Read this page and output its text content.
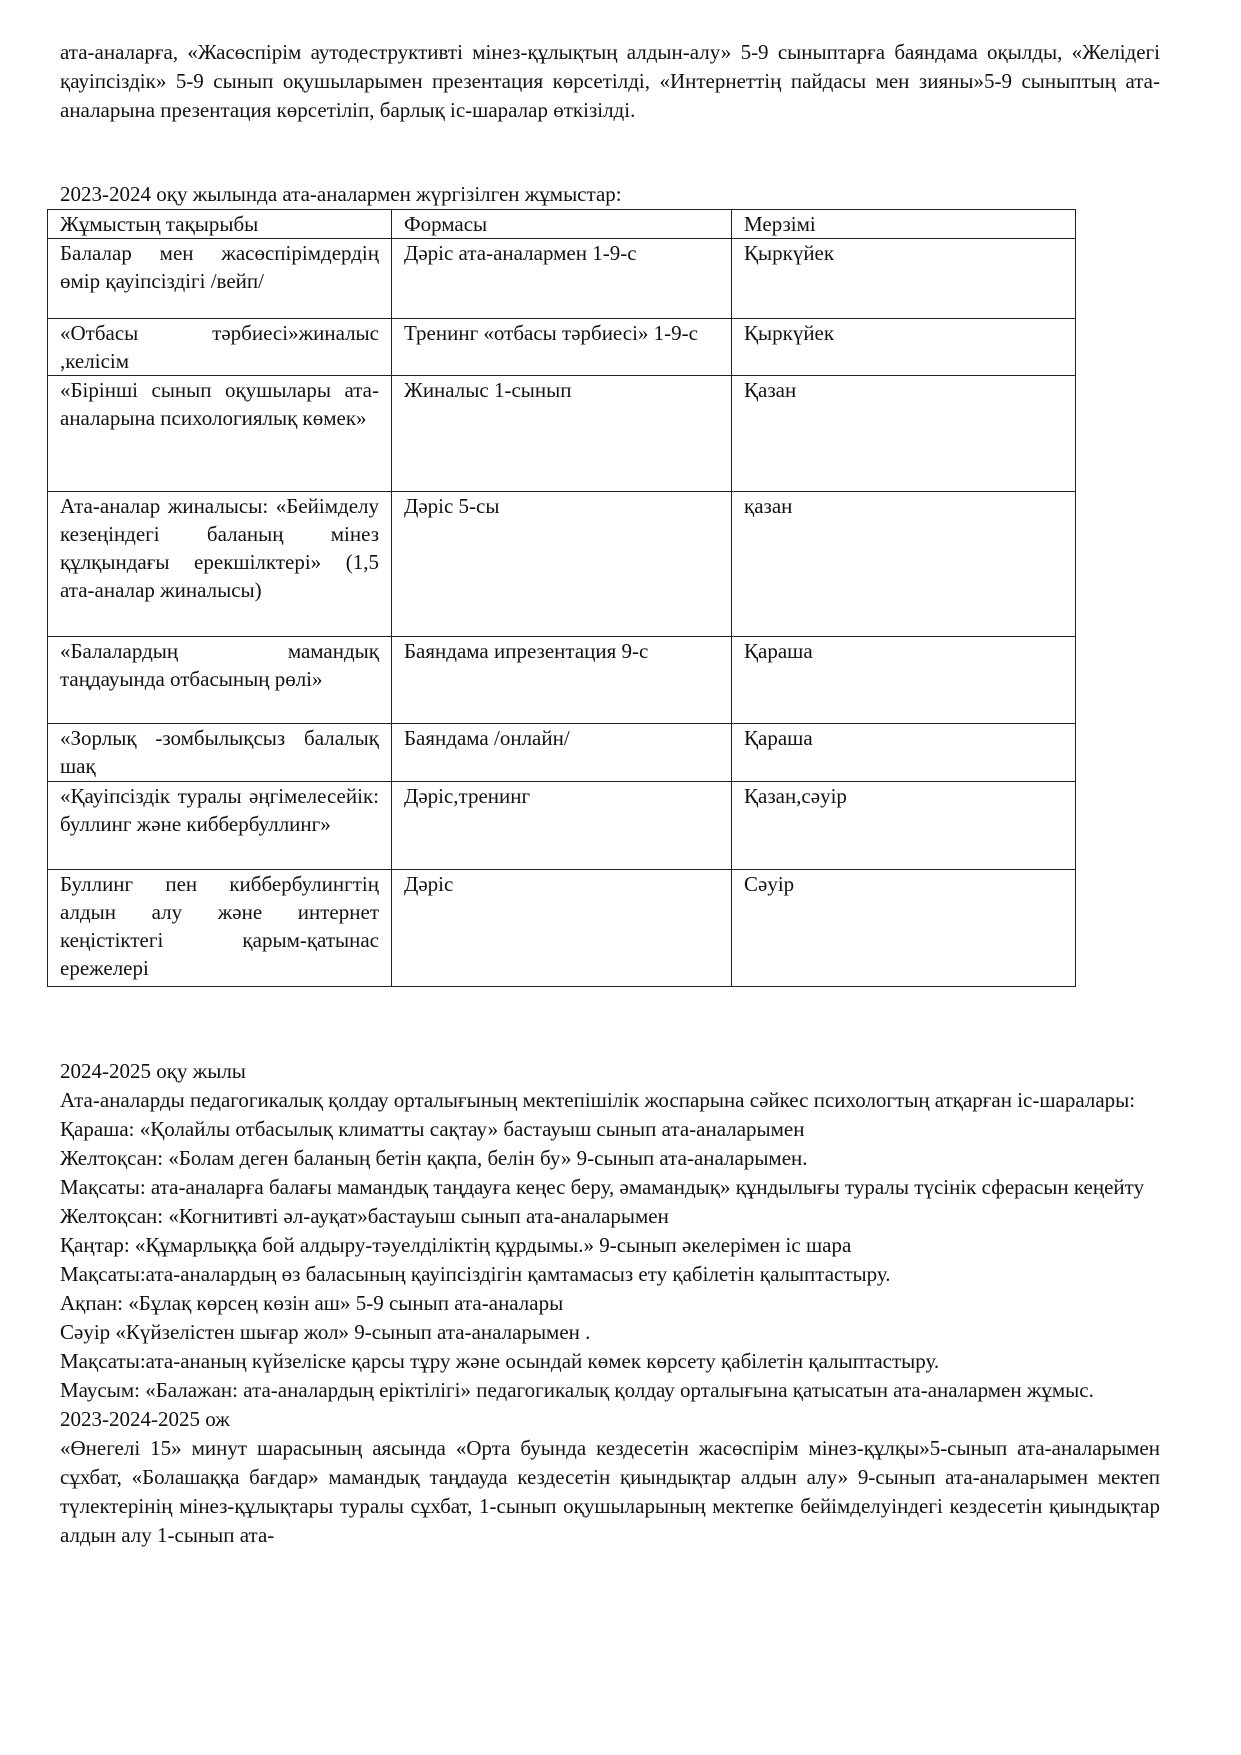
ата-аналарға, «Жасөспірім аутодеструктивті мінез-құлықтың алдын-алу» 5-9 сыныптарға баяндама оқылды, «Желідегі қауіпсіздік» 5-9 сынып оқушыларымен презентация көрсетілді, «Интернеттің пайдасы мен зияны»5-9 сыныптың ата-аналарына презентация көрсетіліп, барлық іс-шаралар өткізілді.

2023-2024 оқу жылында ата-аналармен жүргізілген жұмыстар:
Жұмыстың тақырыбы	Формасы	Мерзімі
Балалар мен жасөспірімдердің өмір қауіпсіздігі /вейп/	Дәріс ата-аналармен 1-9-с	Қыркүйек
«Отбасы тәрбиесі»жиналыс ,келісім	Тренинг «отбасы тәрбиесі» 1-9-с	Қыркүйек
«Бірінші сынып оқушылары ата-аналарына психологиялық көмек»	Жиналыс 1-сынып	Қазан
Ата-аналар жиналысы: «Бейімделу кезеңіндегі баланың мінез құлқындағы ерекшілктері» (1,5 ата-аналар жиналысы)	Дәріс 5-сы	қазан
«Балалардың мамандық таңдауында отбасының рөлі»	Баяндама ипрезентация 9-с	Қараша
«Зорлық -зомбылықсыз балалық шақ	Баяндама /онлайн/	Қараша
«Қауіпсіздік туралы әңгімелесейік: буллинг және киббербуллинг»	Дәріс,тренинг	Қазан,сәуір
Буллинг пен киббербулингтің алдын алу және интернет кеңістіктегі қарым-қатынас ережелері	Дәріс	Сәуір
2024-2025 оқу жылы
Ата-аналарды педагогикалық қолдау орталығының мектепішілік жоспарына сәйкес психологтың атқарған іс-шаралары:
Қараша: «Қолайлы отбасылық климатты сақтау» бастауыш сынып ата-аналарымен
Желтоқсан: «Болам деген баланың бетін қақпа, белін бу» 9-сынып ата-аналарымен.
Мақсаты: ата-аналарға балағы мамандық таңдауға кеңес беру, әмамандық» құндылығы туралы түсінік сферасын кеңейту
Желтоқсан: «Когнитивті әл-ауқат»бастауыш сынып ата-аналарымен
Қаңтар: «Құмарлыққа бой алдыру-тәуелділіктің құрдымы.» 9-сынып әкелерімен іс шара
Мақсаты:ата-аналардың өз баласының қауіпсіздігін қамтамасыз ету қабілетін қалыптастыру.
Ақпан: «Бұлақ көрсең көзін аш» 5-9 сынып ата-аналары
Сәуір «Күйзелістен шығар жол» 9-сынып ата-аналарымен .
Мақсаты:ата-ананың күйзеліске қарсы тұру және осындай көмек көрсету қабілетін қалыптастыру.
Маусым: «Балажан: ата-аналардың еріктілігі» педагогикалық қолдау орталығына қатысатын ата-аналармен жұмыс.
2023-2024-2025 ож
«Өнегелі 15» минут шарасының аясында «Орта буында кездесетін жасөспірім мінез-құлқы»5-сынып ата-аналарымен сұхбат, «Болашаққа бағдар» мамандық таңдауда кездесетін қиындықтар алдын алу» 9-сынып ата-аналарымен мектеп түлектерінің мінез-құлықтары туралы сұхбат, 1-сынып оқушыларының мектепке бейімделуіндегі кездесетін қиындықтар алдын алу 1-сынып ата-
